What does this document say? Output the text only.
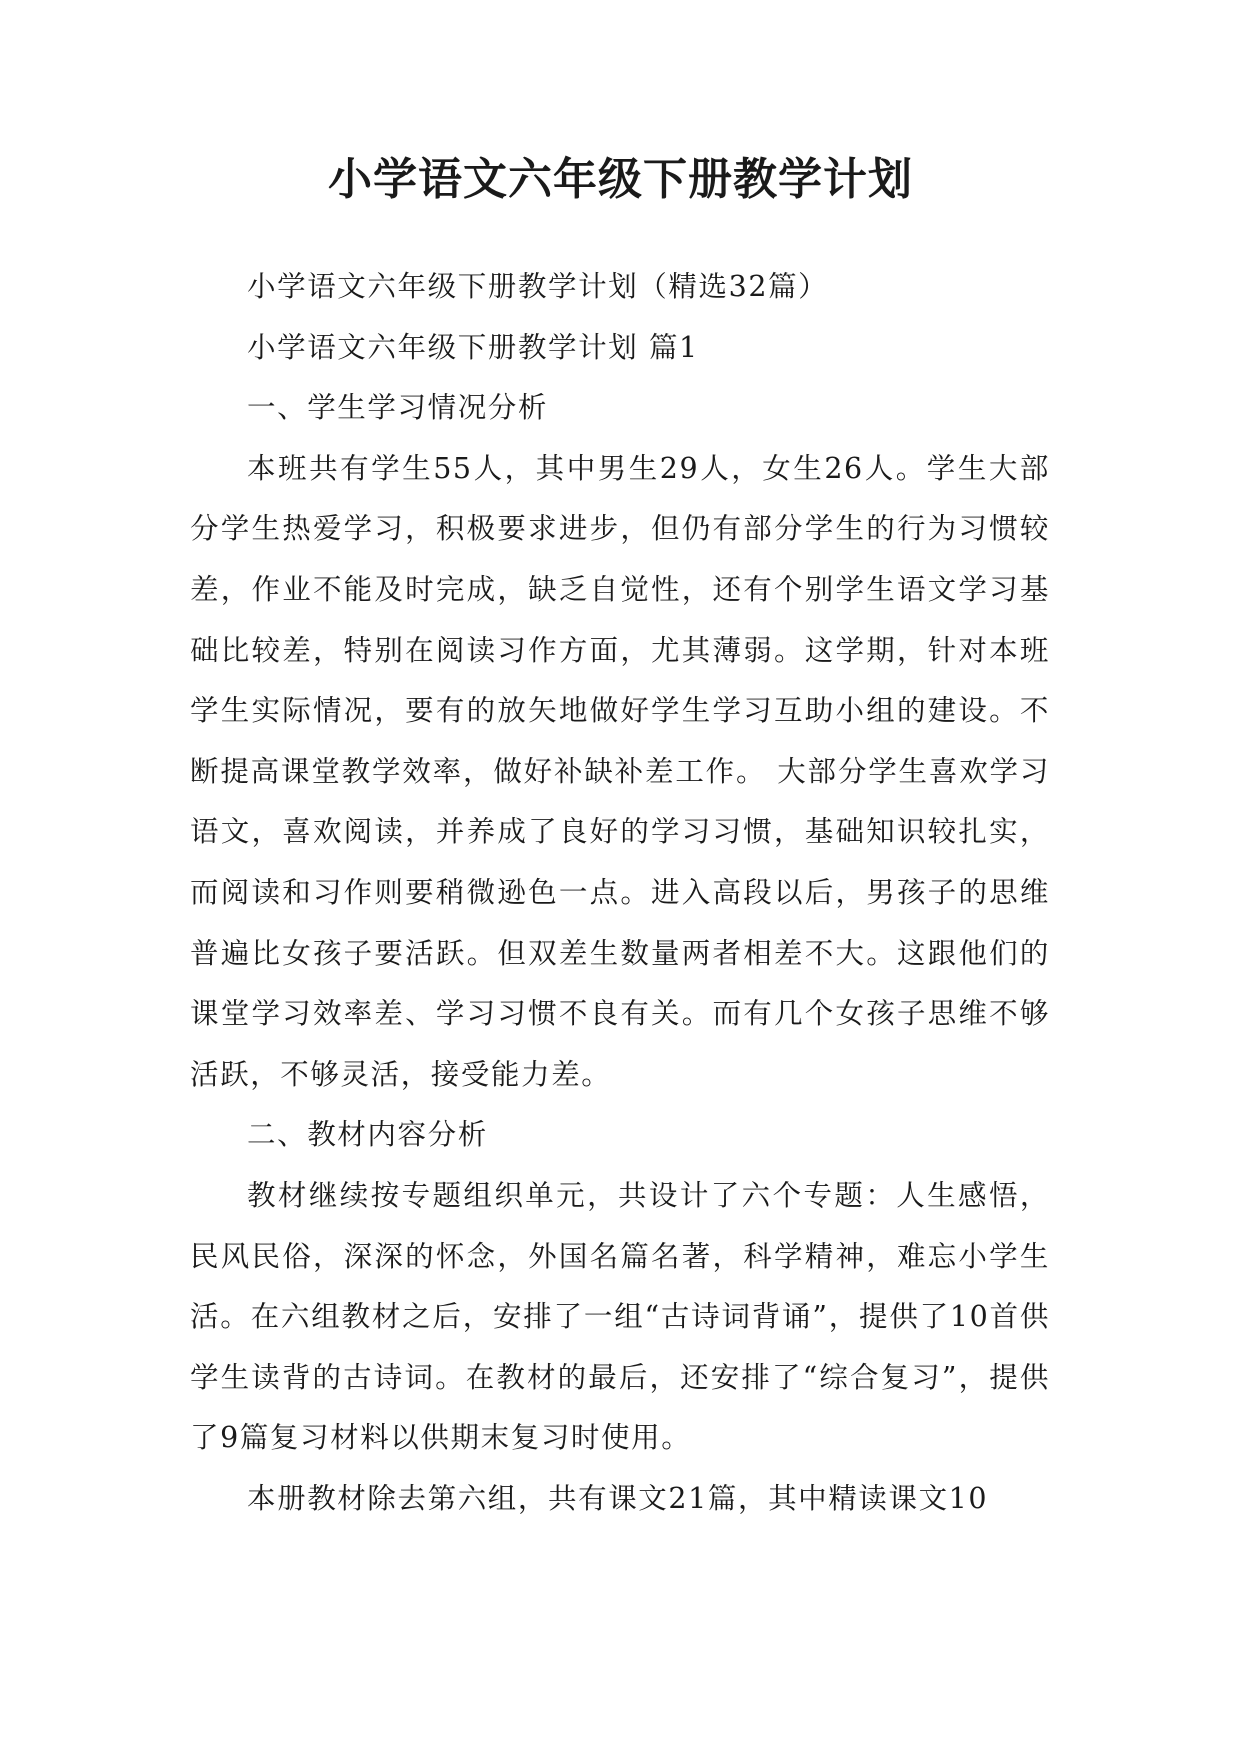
小学语文六年级下册教学计划

小学语文六年级下册教学计划（精选32篇）

小学语文六年级下册教学计划 篇1

一、学生学习情况分析

本班共有学生55人，其中男生29人，女生26人。学生大部分学生热爱学习，积极要求进步，但仍有部分学生的行为习惯较差，作业不能及时完成，缺乏自觉性，还有个别学生语文学习基础比较差，特别在阅读习作方面，尤其薄弱。这学期，针对本班学生实际情况，要有的放矢地做好学生学习互助小组的建设。不断提高课堂教学效率，做好补缺补差工作。 大部分学生喜欢学习语文，喜欢阅读，并养成了良好的学习习惯，基础知识较扎实，而阅读和习作则要稍微逊色一点。进入高段以后，男孩子的思维普遍比女孩子要活跃。但双差生数量两者相差不大。这跟他们的课堂学习效率差、学习习惯不良有关。而有几个女孩子思维不够活跃，不够灵活，接受能力差。

二、教材内容分析

教材继续按专题组织单元，共设计了六个专题：人生感悟，民风民俗，深深的怀念，外国名篇名著，科学精神，难忘小学生活。在六组教材之后，安排了一组“古诗词背诵”，提供了10首供学生读背的古诗词。在教材的最后，还安排了“综合复习”，提供了9篇复习材料以供期末复习时使用。

本册教材除去第六组，共有课文21篇，其中精读课文10
